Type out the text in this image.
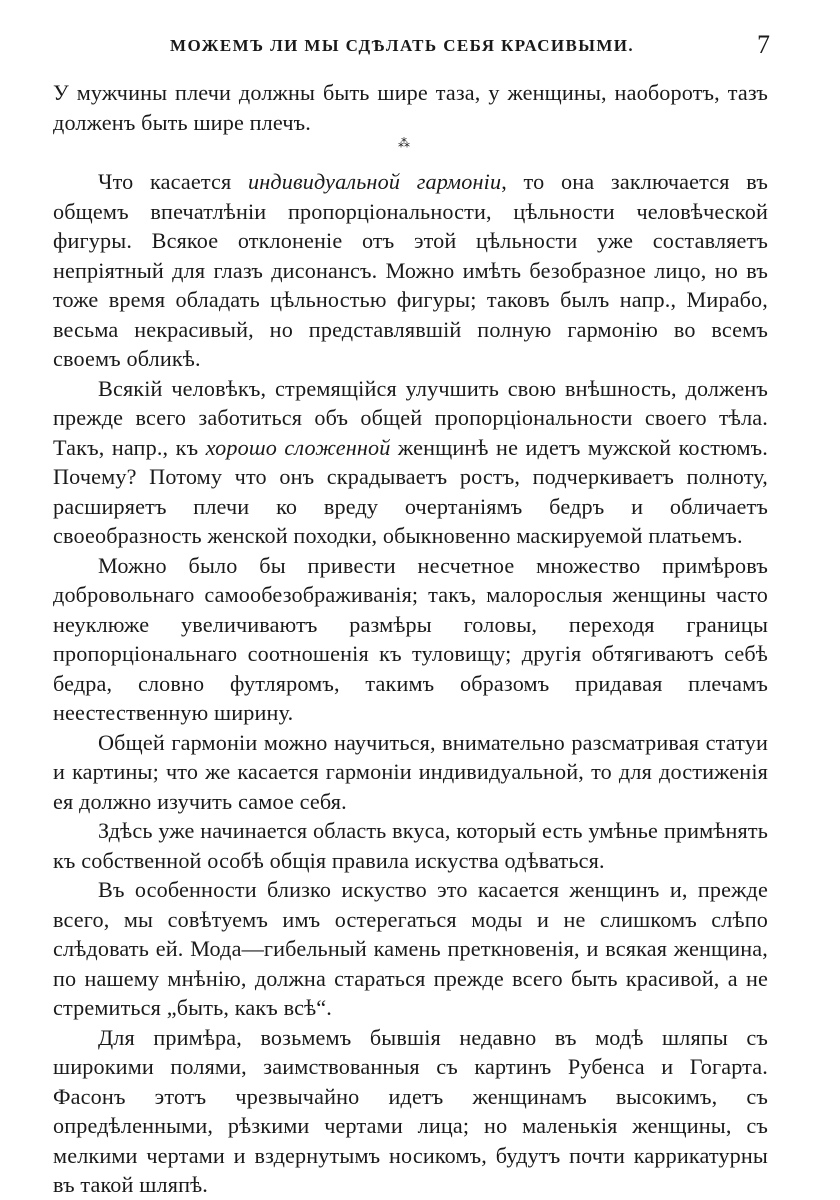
МОЖЕМЪ ЛИ МЫ СДѢЛАТЬ СЕБЯ КРАСИВЫМИ.	7

У мужчины плечи должны быть шире таза, у женщины, наоборотъ, тазъ долженъ быть шире плечъ.

⁂

Что касается индивидуальной гармоніи, то она заключается въ общемъ впечатлѣніи пропорціональности, цѣльности человѣческой фигуры. Всякое отклоненіе отъ этой цѣльности уже составляетъ непріятный для глазъ дисонансъ. Можно имѣть безобразное лицо, но въ тоже время обладать цѣльностью фигуры; таковъ былъ напр., Мирабо, весьма некрасивый, но представлявшій полную гармонію во всемъ своемъ обликѣ.

Всякій человѣкъ, стремящійся улучшить свою внѣшность, долженъ прежде всего заботиться объ общей пропорціональности своего тѣла. Такъ, напр., къ хорошо сложенной женщинѣ не идетъ мужской костюмъ. Почему? Потому что онъ скрадываетъ ростъ, подчеркиваетъ полноту, расширяетъ плечи ко вреду очертаніямъ бедръ и обличаетъ своеобразность женской походки, обыкновенно маскируемой платьемъ.

Можно было бы привести несчетное множество примѣровъ добровольнаго самообезображиванія; такъ, малорослыя женщины часто неуклюже увеличиваютъ размѣры головы, переходя границы пропорціональнаго соотношенія къ туловищу; другія обтягиваютъ себѣ бедра, словно футляромъ, такимъ образомъ придавая плечамъ неестественную ширину.

Общей гармоніи можно научиться, внимательно разсматривая статуи и картины; что же касается гармоніи индивидуальной, то для достиженія ея должно изучить самое себя.

Здѣсь уже начинается область вкуса, который есть умѣнье примѣнять къ собственной особѣ общія правила искуства одѣваться.

Въ особенности близко искуство это касается женщинъ и, прежде всего, мы совѣтуемъ имъ остерегаться моды и не слишкомъ слѣпо слѣдовать ей. Мода—гибельный камень преткновенія, и всякая женщина, по нашему мнѣнію, должна стараться прежде всего быть красивой, а не стремиться „быть, какъ всѣ“.

Для примѣра, возьмемъ бывшія недавно въ модѣ шляпы съ широкими полями, заимствованныя съ картинъ Рубенса и Гогарта. Фасонъ этотъ чрезвычайно идетъ женщинамъ высокимъ, съ опредѣленными, рѣзкими чертами лица; но маленькія женщины, съ мелкими чертами и вздернутымъ носикомъ, будутъ почти каррикатурны въ такой шляпѣ.
